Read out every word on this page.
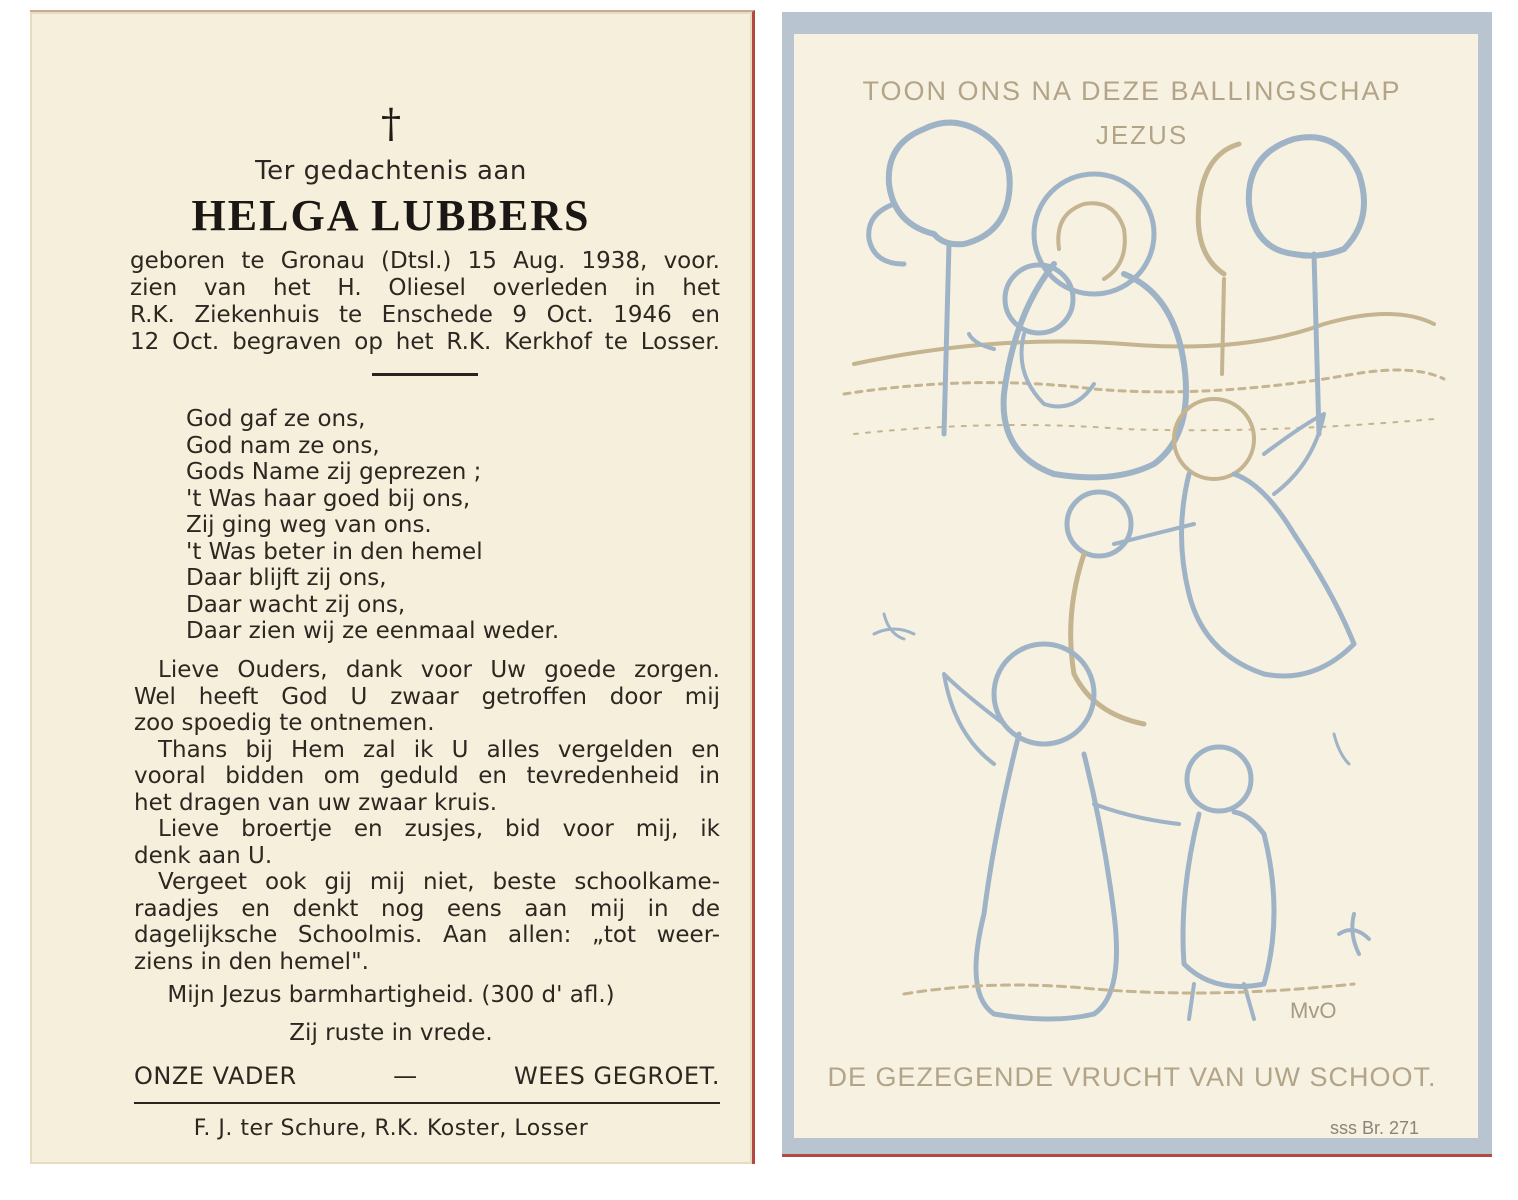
†
Ter gedachtenis aan
HELGA LUBBERS
geboren te Gronau (Dtsl.) 15 Aug. 1938, voor.
zien van het H. Oliesel overleden in het
R.K. Ziekenhuis te Enschede 9 Oct. 1946 en
12 Oct. begraven op het R.K. Kerkhof te Losser.
God gaf ze ons,
God nam ze ons,
Gods Name zij geprezen ;
't Was haar goed bij ons,
Zij ging weg van ons.
't Was beter in den hemel
Daar blijft zij ons,
Daar wacht zij ons,
Daar zien wij ze eenmaal weder.
Lieve Ouders, dank voor Uw goede zorgen.
Wel heeft God U zwaar getroffen door mij
zoo spoedig te ontnemen.
Thans bij Hem zal ik U alles vergelden en
vooral bidden om geduld en tevredenheid in
het dragen van uw zwaar kruis.
Lieve broertje en zusjes, bid voor mij, ik
denk aan U.
Vergeet ook gij mij niet, beste schoolkame-
raadjes en denkt nog eens aan mij in de
dagelijksche Schoolmis. Aan allen: „tot weer-
ziens in den hemel".
Mijn Jezus barmhartigheid. (300 d' afl.)
Zij ruste in vrede.
ONZE VADER	—	WEES GEGROET.
F. J. ter Schure, R.K. Koster, Losser
TOON ONS NA DEZE BALLINGSCHAP
JEZUS
MvO
DE GEZEGENDE VRUCHT VAN UW SCHOOT.
sss Br. 271
